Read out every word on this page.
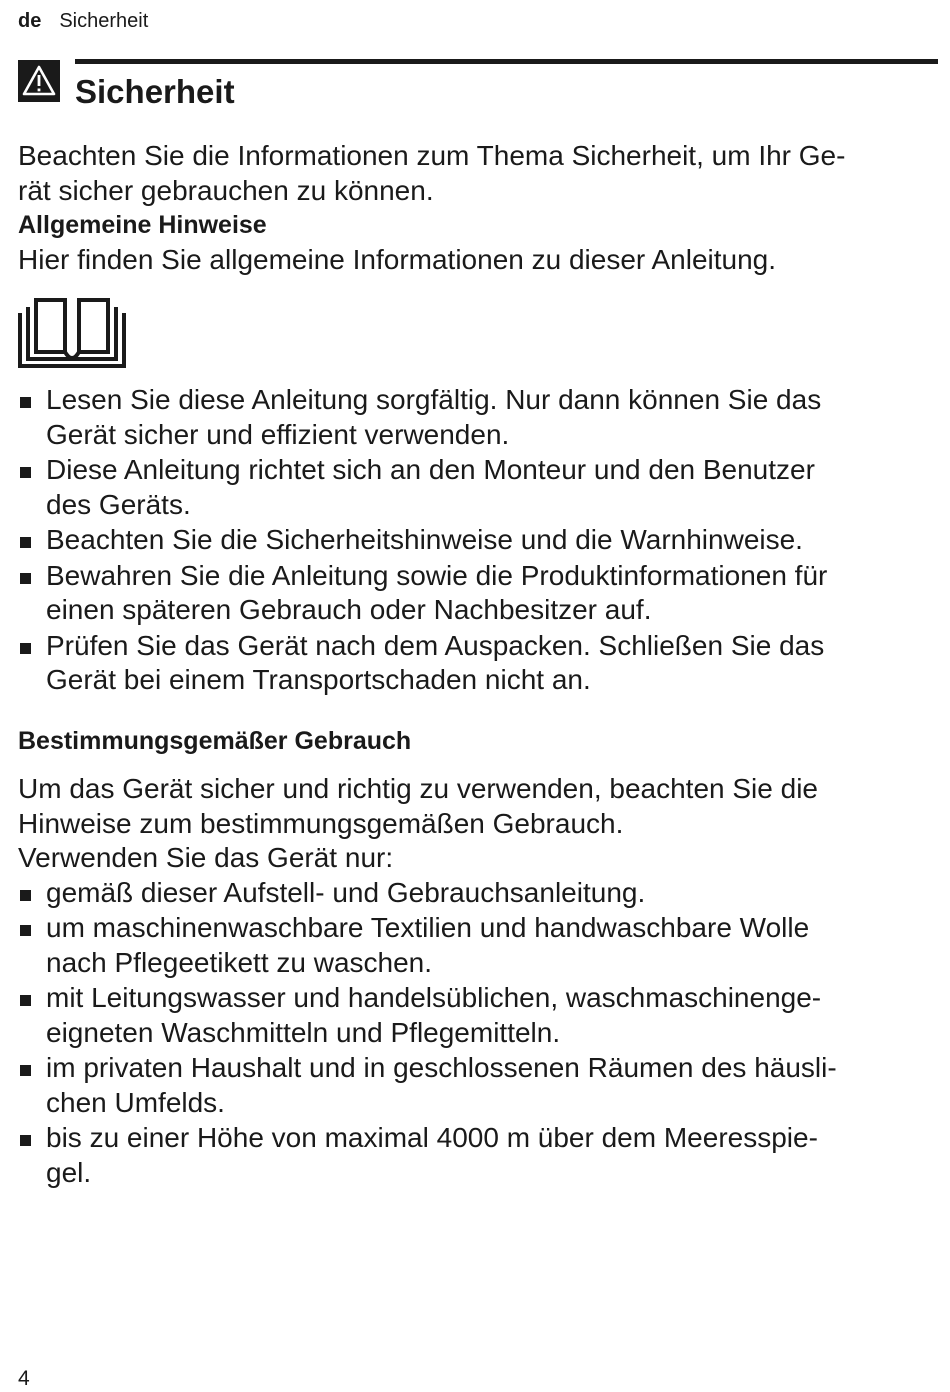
de Sicherheit
Sicherheit

Beachten Sie die Informationen zum Thema Sicherheit, um Ihr Ge-
rät sicher gebrauchen zu können.

Allgemeine Hinweise

Hier finden Sie allgemeine Informationen zu dieser Anleitung.

Lesen Sie diese Anleitung sorgfältig. Nur dann können Sie das
Gerät sicher und effizient verwenden.
Diese Anleitung richtet sich an den Monteur und den Benutzer
des Geräts.
Beachten Sie die Sicherheitshinweise und die Warnhinweise.
Bewahren Sie die Anleitung sowie die Produktinformationen für
einen späteren Gebrauch oder Nachbesitzer auf.
Prüfen Sie das Gerät nach dem Auspacken. Schließen Sie das
Gerät bei einem Transportschaden nicht an.
Bestimmungsgemäßer Gebrauch

Um das Gerät sicher und richtig zu verwenden, beachten Sie die
Hinweise zum bestimmungsgemäßen Gebrauch.
Verwenden Sie das Gerät nur:

gemäß dieser Aufstell- und Gebrauchsanleitung.
um maschinenwaschbare Textilien und handwaschbare Wolle
nach Pflegeetikett zu waschen.
mit Leitungswasser und handelsüblichen, waschmaschinenge-
eigneten Waschmitteln und Pflegemitteln.
im privaten Haushalt und in geschlossenen Räumen des häusli-
chen Umfelds.
bis zu einer Höhe von maximal 4000 m über dem Meeresspie-
gel.
4
